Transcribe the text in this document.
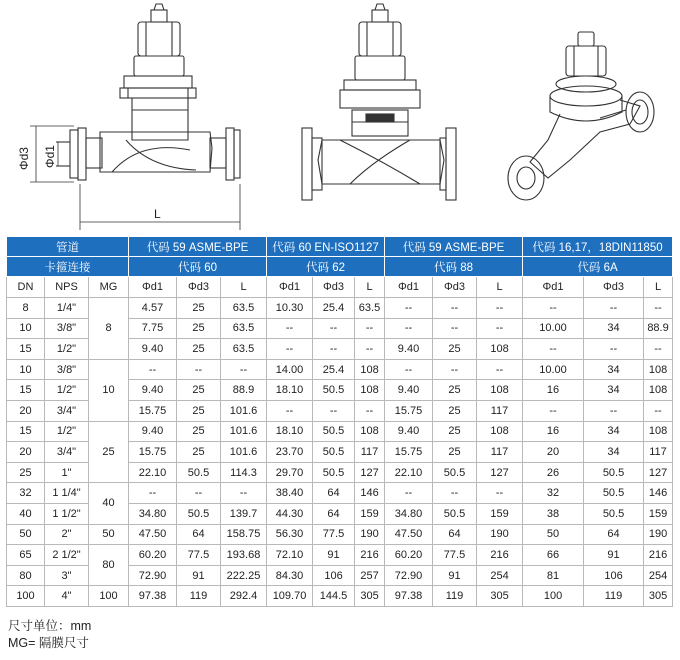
Φd3 Φd1
L
管道			代码 59 ASME-BPE			代码 60 EN-ISO1127			代码 59 ASME-BPE			代码 16,17，18DIN11850		
卡箍连接			代码 60			代码 62			代码 88			代码 6A		
DN	NPS	MG	Φd1	Φd3	L	Φd1	Φd3	L	Φd1	Φd3	L	Φd1	Φd3	L
8	1/4"	8	4.57	25	63.5	10.30	25.4	63.5	--	--	--	--	--	--
10	3/8"		7.75	25	63.5	--	--	--	--	--	--	10.00	34	88.9
15	1/2"		9.40	25	63.5	--	--	--	9.40	25	108	--	--	--
10	3/8"	10	--	--	--	14.00	25.4	108	--	--	--	10.00	34	108
15	1/2"		9.40	25	88.9	18.10	50.5	108	9.40	25	108	16	34	108
20	3/4"		15.75	25	101.6	--	--	--	15.75	25	117	--	--	--
15	1/2"	25	9.40	25	101.6	18.10	50.5	108	9.40	25	108	16	34	108
20	3/4"		15.75	25	101.6	23.70	50.5	117	15.75	25	117	20	34	117
25	1"		22.10	50.5	114.3	29.70	50.5	127	22.10	50.5	127	26	50.5	127
32	1 1/4"	40	--	--	--	38.40	64	146	--	--	--	32	50.5	146
40	1 1/2"		34.80	50.5	139.7	44.30	64	159	34.80	50.5	159	38	50.5	159
50	2"	50	47.50	64	158.75	56.30	77.5	190	47.50	64	190	50	64	190
65	2 1/2"	80	60.20	77.5	193.68	72.10	91	216	60.20	77.5	216	66	91	216
80	3"		72.90	91	222.25	84.30	106	257	72.90	91	254	81	106	254
100	4"	100	97.38	119	292.4	109.70	144.5	305	97.38	119	305	100	119	305
尺寸单位：mm
MG= 隔膜尺寸
